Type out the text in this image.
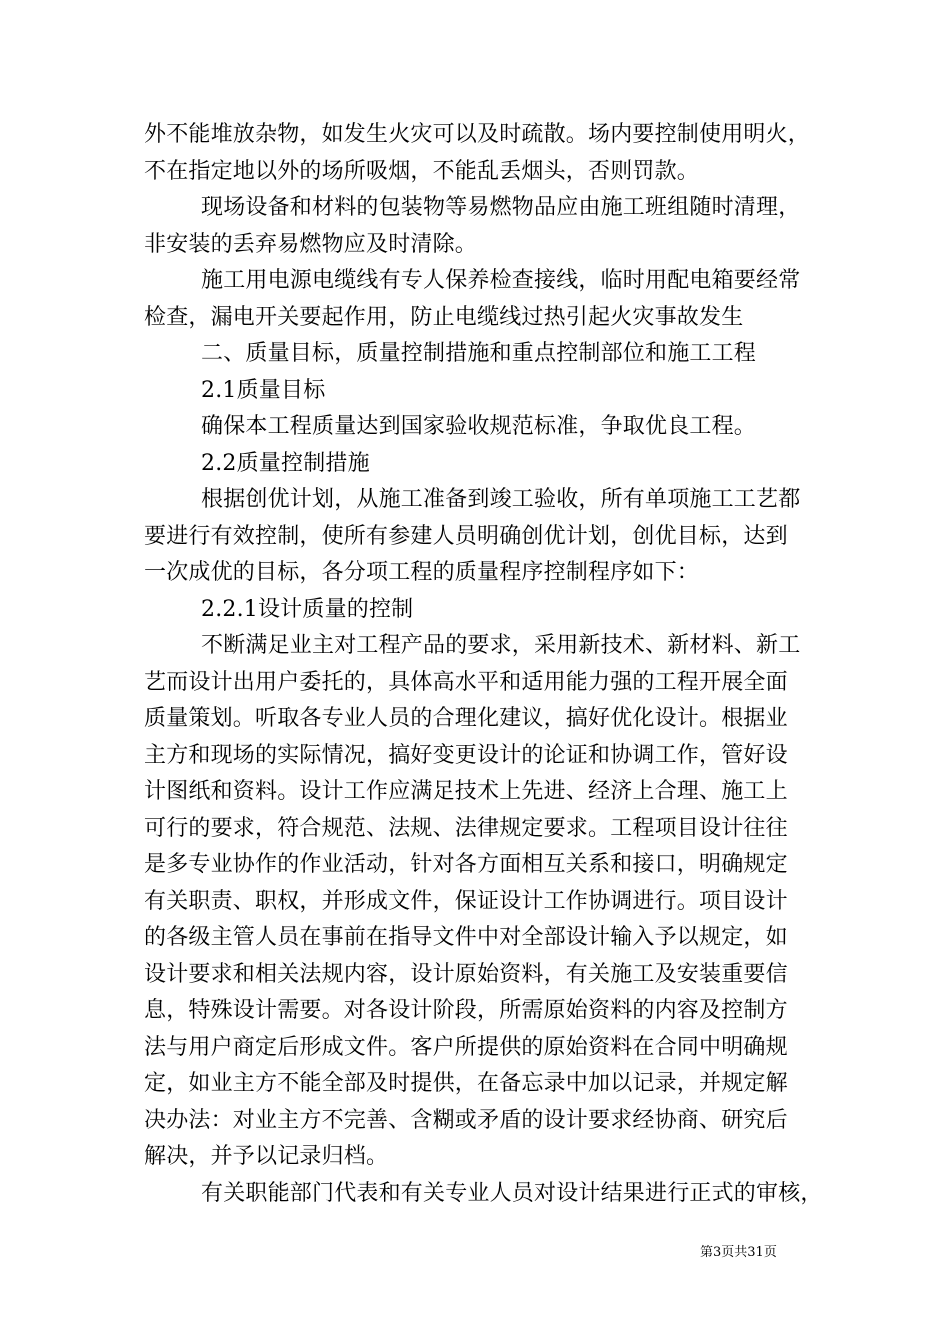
外不能堆放杂物，如发生火灾可以及时疏散。场内要控制使用明火，
不在指定地以外的场所吸烟，不能乱丢烟头，否则罚款。
现场设备和材料的包装物等易燃物品应由施工班组随时清理，
非安装的丢弃易燃物应及时清除。
施工用电源电缆线有专人保养检查接线，临时用配电箱要经常
检查，漏电开关要起作用，防止电缆线过热引起火灾事故发生
二、质量目标，质量控制措施和重点控制部位和施工工程
2.1质量目标
确保本工程质量达到国家验收规范标准，争取优良工程。
2.2质量控制措施
根据创优计划，从施工准备到竣工验收，所有单项施工工艺都
要进行有效控制，使所有参建人员明确创优计划，创优目标，达到
一次成优的目标，各分项工程的质量程序控制程序如下：
2.2.1设计质量的控制
不断满足业主对工程产品的要求，采用新技术、新材料、新工
艺而设计出用户委托的，具体高水平和适用能力强的工程开展全面
质量策划。听取各专业人员的合理化建议，搞好优化设计。根据业
主方和现场的实际情况，搞好变更设计的论证和协调工作，管好设
计图纸和资料。设计工作应满足技术上先进、经济上合理、施工上
可行的要求，符合规范、法规、法律规定要求。工程项目设计往往
是多专业协作的作业活动，针对各方面相互关系和接口，明确规定
有关职责、职权，并形成文件，保证设计工作协调进行。项目设计
的各级主管人员在事前在指导文件中对全部设计输入予以规定，如
设计要求和相关法规内容，设计原始资料，有关施工及安装重要信
息，特殊设计需要。对各设计阶段，所需原始资料的内容及控制方
法与用户商定后形成文件。客户所提供的原始资料在合同中明确规
定，如业主方不能全部及时提供，在备忘录中加以记录，并规定解
决办法：对业主方不完善、含糊或矛盾的设计要求经协商、研究后
解决，并予以记录归档。
有关职能部门代表和有关专业人员对设计结果进行正式的审核，
第3页共31页
